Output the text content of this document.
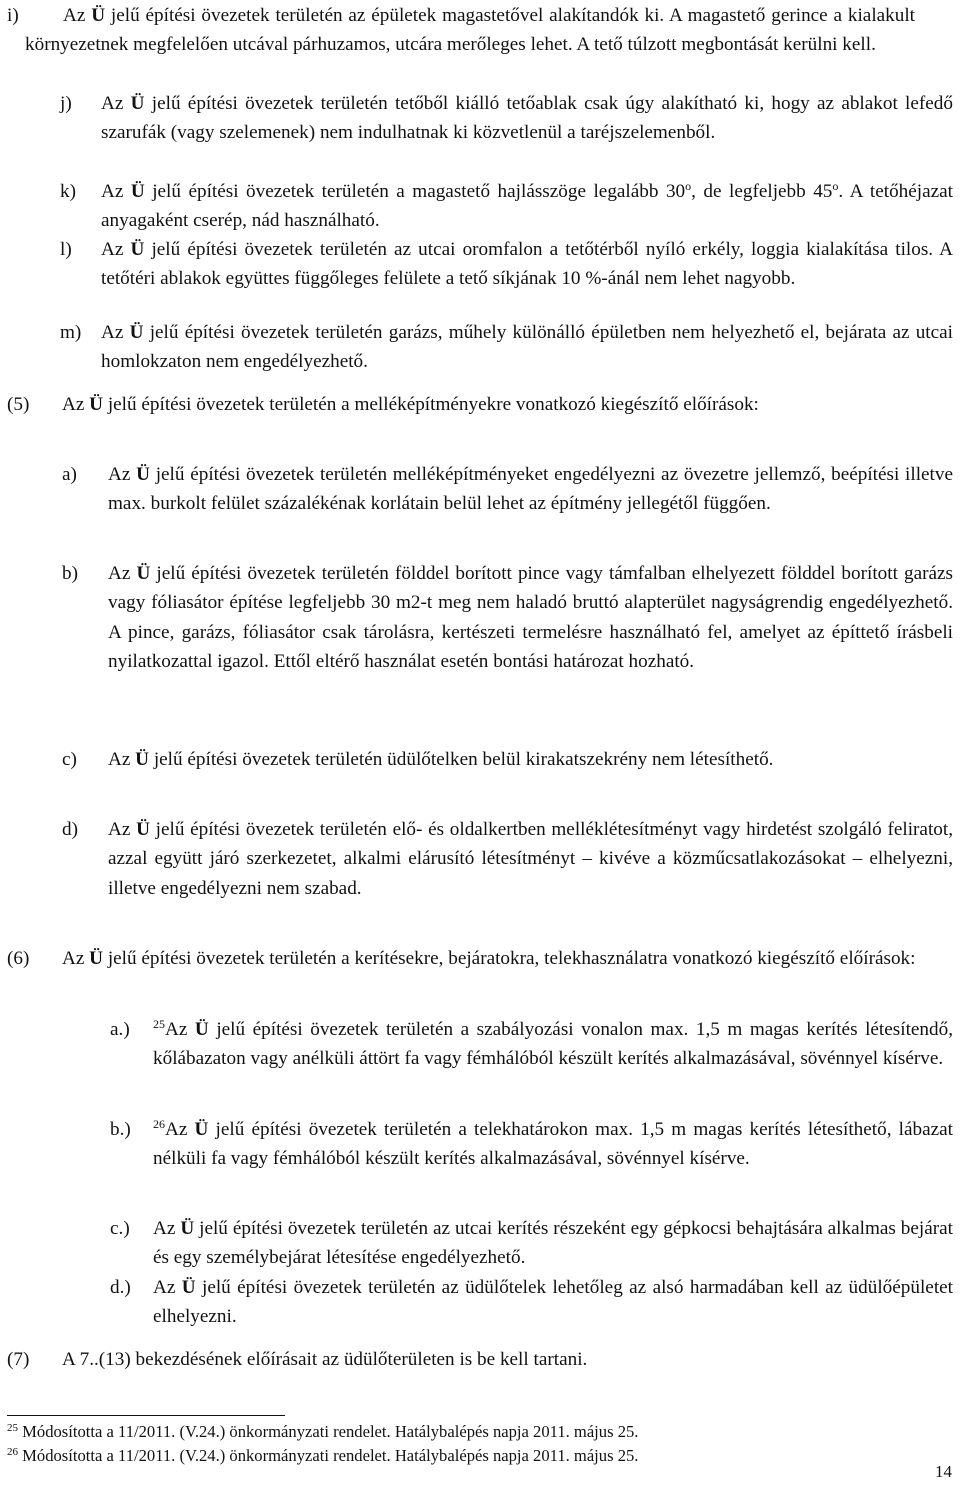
i)	Az Ü jelű építési övezetek területén az épületek magastetővel alakítandók ki. A magastető gerince a kialakult környezetnek megfelelően utcával párhuzamos, utcára merőleges lehet. A tető túlzott megbontását kerülni kell.
j) Az Ü jelű építési övezetek területén tetőből kiálló tetőablak csak úgy alakítható ki, hogy az ablakot lefedő szarufák (vagy szelemenek) nem indulhatnak ki közvetlenül a taréjszelemenből.
k) Az Ü jelű építési övezetek területén a magastető hajlásszöge legalább 30$^o$, de legfeljebb 45$^o$. A tetőhéjazat anyagaként cserép, nád használható.
l) Az Ü jelű építési övezetek területén az utcai oromfalon a tetőtérből nyíló erkély, loggia kialakítása tilos. A tetőtéri ablakok együttes függőleges felülete a tető síkjának 10 %-ánál nem lehet nagyobb.
m) Az Ü jelű építési övezetek területén garázs, műhely különálló épületben nem helyezhető el, bejárata az utcai homlokzaton nem engedélyezhető.
(5) Az Ü jelű építési övezetek területén a melléképítményekre vonatkozó kiegészítő előírások:
a) Az Ü jelű építési övezetek területén melléképítményeket engedélyezni az övezetre jellemző, beépítési illetve max. burkolt felület százalékénak korlátain belül lehet az építmény jellegétől függően.
b) Az Ü jelű építési övezetek területén földdel borított pince vagy támfalban elhelyezett földdel borított garázs vagy fóliasátor építése legfeljebb 30 m2-t meg nem haladó bruttó alapterület nagyságrendig engedélyezhető. A pince, garázs, fóliasátor csak tárolásra, kertészeti termelésre használható fel, amelyet az építtető írásbeli nyilatkozattal igazol. Ettől eltérő használat esetén bontási határozat hozható.
c) Az Ü jelű építési övezetek területén üdülőtelken belül kirakatszekrény nem létesíthető.
d) Az Ü jelű építési övezetek területén elő- és oldalkertben melléklétesítményt vagy hirdetést szolgáló feliratot, azzal együtt járó szerkezetet, alkalmi elárusító létesítményt – kivéve a közműcsatlakozásokat – elhelyezni, illetve engedélyezni nem szabad.
(6) Az Ü jelű építési övezetek területén a kerítésekre, bejáratokra, telekhasználatra vonatkozó kiegészítő előírások:
a.) $^{25}$Az Ü jelű építési övezetek területén a szabályozási vonalon max. 1,5 m magas kerítés létesítendő, kőlábazaton vagy anélküli áttört fa vagy fémhálóból készült kerítés alkalmazásával, sövénnyel kísérve.
b.) $^{26}$Az Ü jelű építési övezetek területén a telekhatárokon max. 1,5 m magas kerítés létesíthető, lábazat nélküli fa vagy fémhálóból készült kerítés alkalmazásával, sövénnyel kísérve.
c.) Az Ü jelű építési övezetek területén az utcai kerítés részeként egy gépkocsi behajtására alkalmas bejárat és egy személybejárat létesítése engedélyezhető.
d.) Az Ü jelű építési övezetek területén az üdülőtelek lehetőleg az alsó harmadában kell az üdülőépületet elhelyezni.
(7) A 7..(13) bekezdésének előírásait az üdülőterületen is be kell tartani.
$^{25}$ Módosította a 11/2011. (V.24.) önkormányzati rendelet. Hatálybalépés napja 2011. május 25.
$^{26}$ Módosította a 11/2011. (V.24.) önkormányzati rendelet. Hatálybalépés napja 2011. május 25.
14
